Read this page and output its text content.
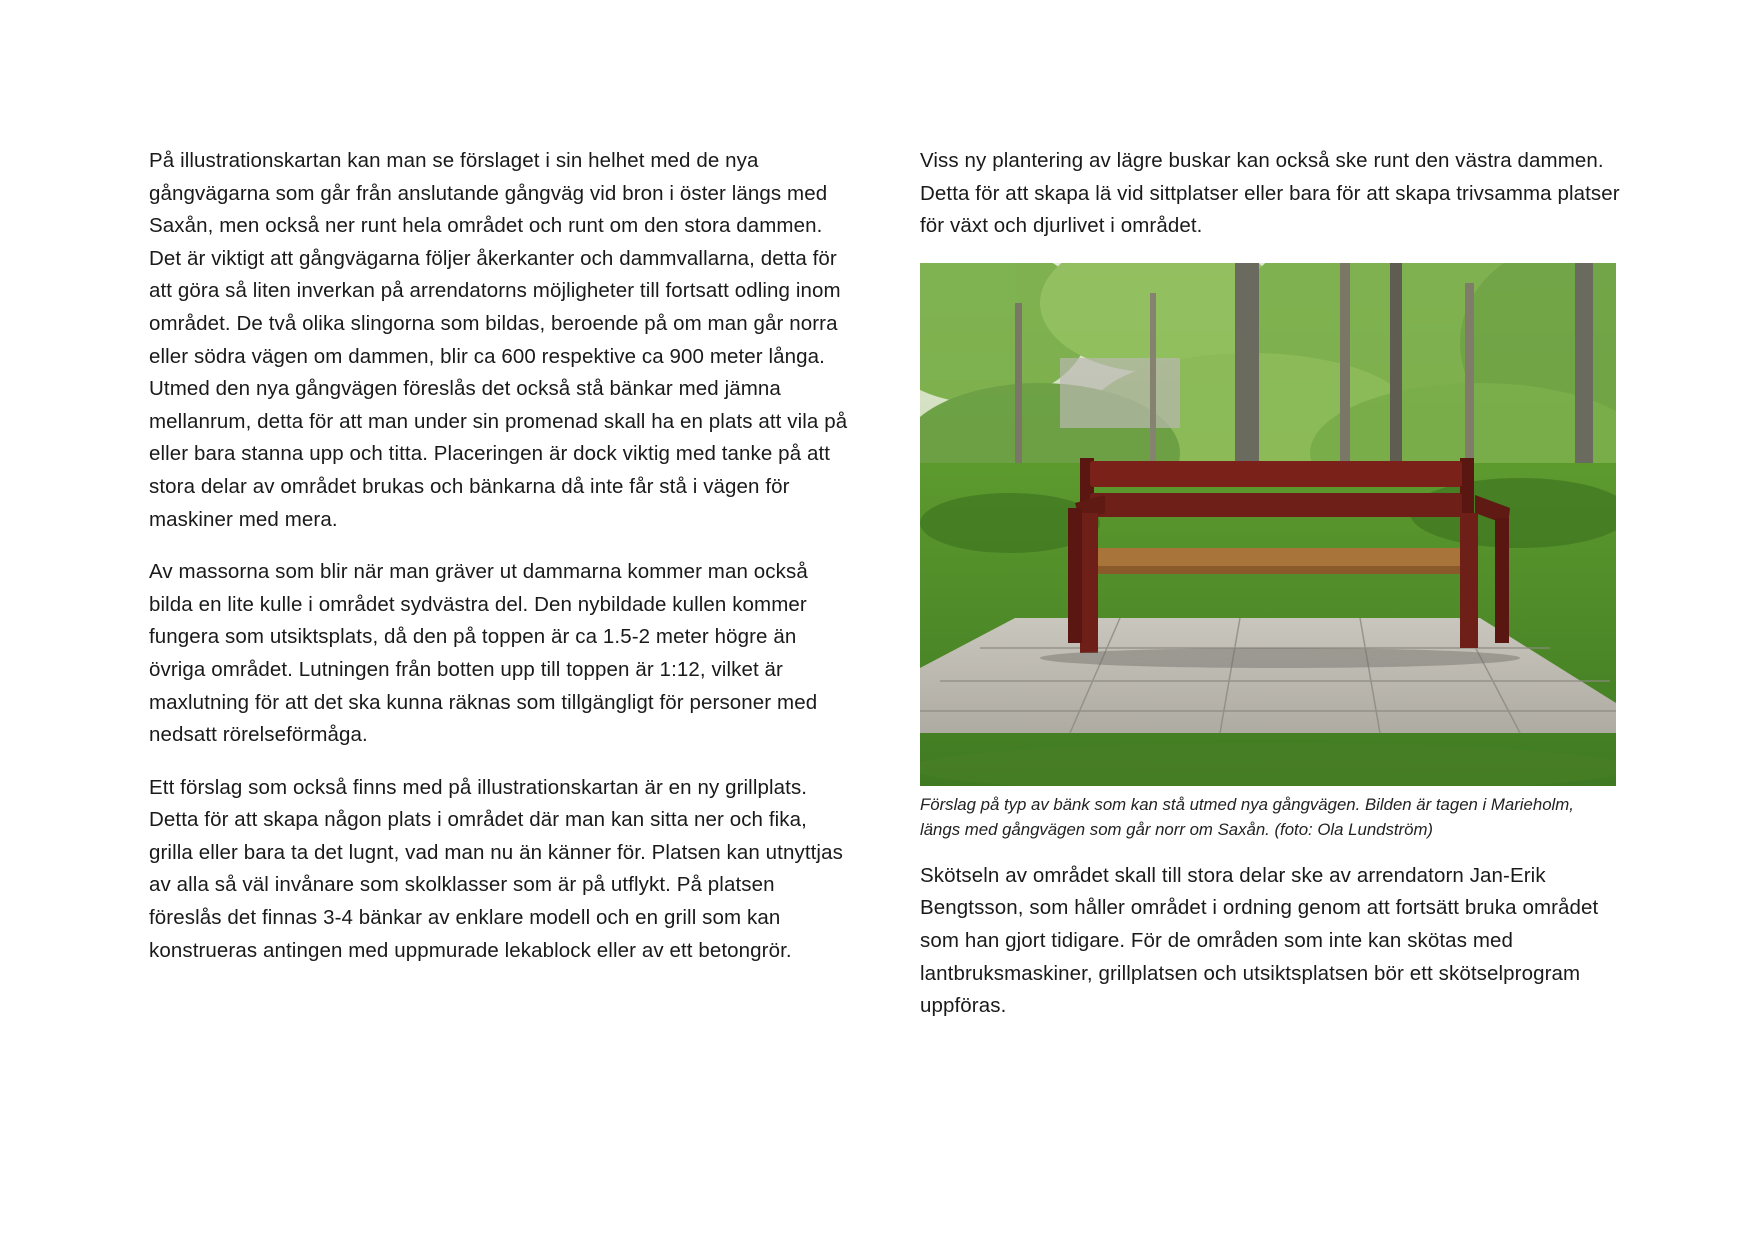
På illustrationskartan kan man se förslaget i sin helhet med de nya gångvägarna som går från anslutande gångväg vid bron i öster längs med Saxån, men också ner runt hela området och runt om den stora dammen. Det är viktigt att gångvägarna följer åkerkanter och dammvallarna, detta för att göra så liten inverkan på arrendatorns möjligheter till fortsatt odling inom området. De två olika slingorna som bildas, beroende på om man går norra eller södra vägen om dammen, blir ca 600 respektive ca 900 meter långa. Utmed den nya gångvägen föreslås det också stå bänkar med jämna mellanrum, detta för att man under sin promenad skall ha en plats att vila på eller bara stanna upp och titta. Placeringen är dock viktig med tanke på att stora delar av området brukas och bänkarna då inte får stå i vägen för maskiner med mera.

Av massorna som blir när man gräver ut dammarna kommer man också bilda en lite kulle i området sydvästra del. Den nybildade kullen kommer fungera som utsiktsplats, då den på toppen är ca 1.5-2 meter högre än övriga området. Lutningen från botten upp till toppen är 1:12, vilket är maxlutning för att det ska kunna räknas som tillgängligt för personer med nedsatt rörelseförmåga.

Ett förslag som också finns med på illustrationskartan är en ny grillplats. Detta för att skapa någon plats i området där man kan sitta ner och fika, grilla eller bara ta det lugnt, vad man nu än känner för. Platsen kan utnyttjas av alla så väl invånare som skolklasser som är på utflykt. På platsen föreslås det finnas 3-4 bänkar av enklare modell och en grill som kan konstrueras antingen med uppmurade lekablock eller av ett betongrör.

Viss ny plantering av lägre buskar kan också ske runt den västra dammen. Detta för att skapa lä vid sittplatser eller bara för att skapa trivsamma platser för växt och djurlivet i området.

Förslag på typ av bänk som kan stå utmed nya gångvägen. Bilden är tagen i Marieholm, längs med gångvägen som går norr om Saxån. (foto: Ola Lundström)

Skötseln av området skall till stora delar ske av arrendatorn Jan-Erik Bengtsson, som håller området i ordning genom att fortsätt bruka området som han gjort tidigare. För de områden som inte kan skötas med lantbruksmaskiner, grillplatsen och utsiktsplatsen bör ett skötselprogram uppföras.
